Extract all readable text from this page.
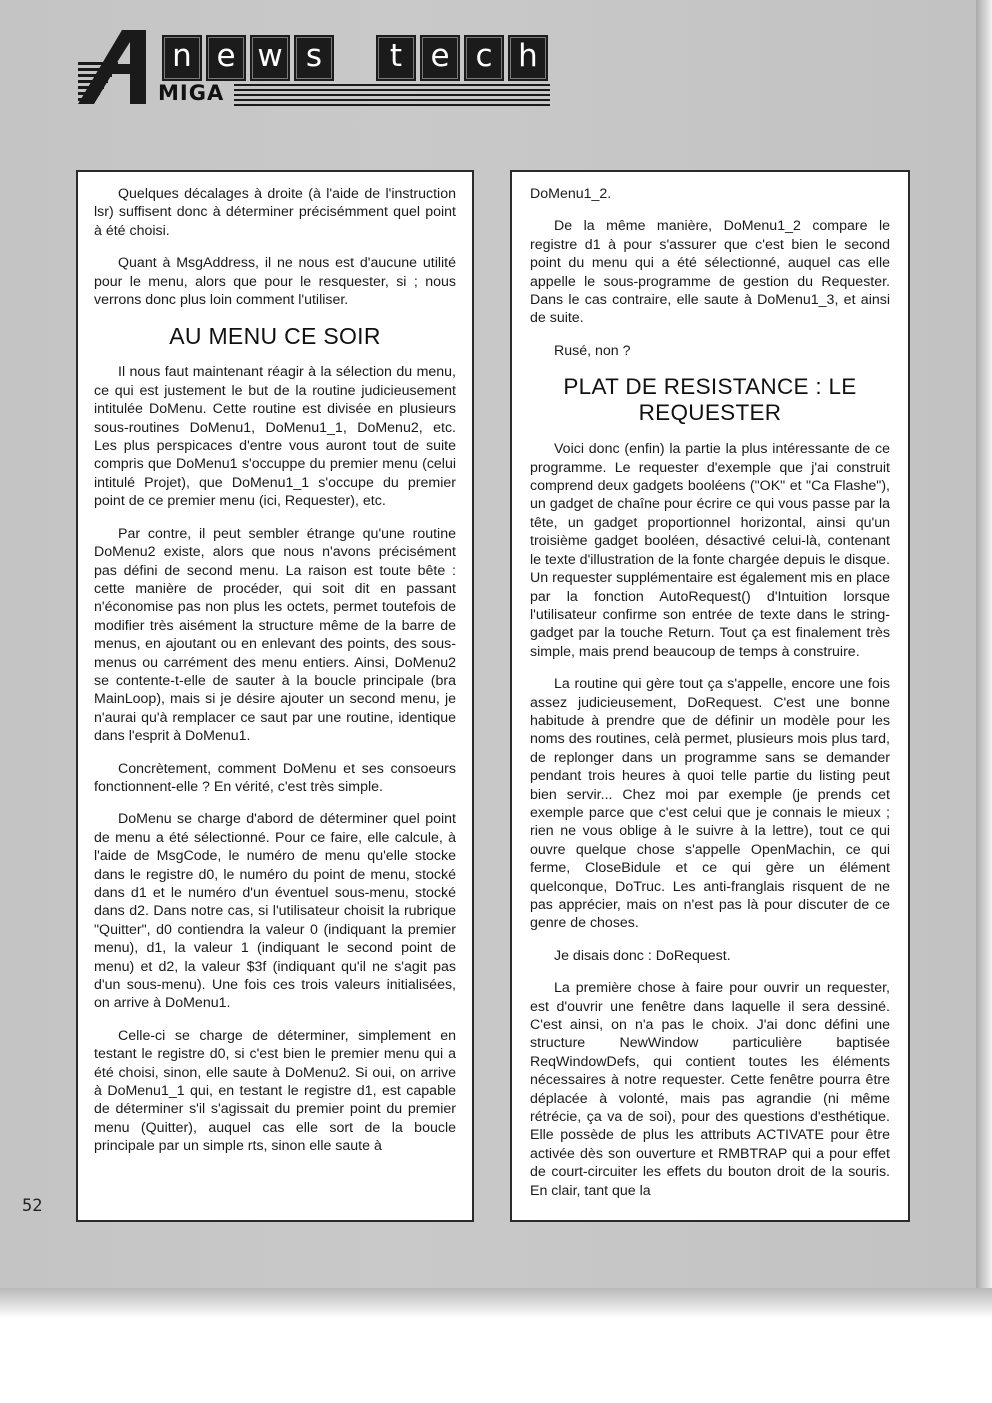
n e w s	t e c h
MIGA

Quelques décalages à droite (à l'aide de l'instruction lsr) suffisent donc à déterminer précisémment quel point à été choisi.

Quant à MsgAddress, il ne nous est d'aucune utilité pour le menu, alors que pour le resquester, si ; nous verrons donc plus loin comment l'utiliser.

AU MENU CE SOIR

Il nous faut maintenant réagir à la sélection du menu, ce qui est justement le but de la routine judicieusement intitulée DoMenu. Cette routine est divisée en plusieurs sous-routines DoMenu1, DoMenu1_1, DoMenu2, etc. Les plus perspicaces d'entre vous auront tout de suite compris que DoMenu1 s'occuppe du premier menu (celui intitulé Projet), que DoMenu1_1 s'occupe du premier point de ce premier menu (ici, Requester), etc.

Par contre, il peut sembler étrange qu'une routine DoMenu2 existe, alors que nous n'avons précisément pas défini de second menu. La raison est toute bête : cette manière de procéder, qui soit dit en passant n'économise pas non plus les octets, permet toutefois de modifier très aisément la structure même de la barre de menus, en ajoutant ou en enlevant des points, des sous-menus ou carrément des menu entiers. Ainsi, DoMenu2 se contente-t-elle de sauter à la boucle principale (bra MainLoop), mais si je désire ajouter un second menu, je n'aurai qu'à remplacer ce saut par une routine, identique dans l'esprit à DoMenu1.

Concrètement, comment DoMenu et ses consoeurs fonctionnent-elle ? En vérité, c'est très simple.

DoMenu se charge d'abord de déterminer quel point de menu a été sélectionné. Pour ce faire, elle calcule, à l'aide de MsgCode, le numéro de menu qu'elle stocke dans le registre d0, le numéro du point de menu, stocké dans d1 et le numéro d'un éventuel sous-menu, stocké dans d2. Dans notre cas, si l'utilisateur choisit la rubrique "Quitter", d0 contiendra la valeur 0 (indiquant la premier menu), d1, la valeur 1 (indiquant le second point de menu) et d2, la valeur $3f (indiquant qu'il ne s'agit pas d'un sous-menu). Une fois ces trois valeurs initialisées, on arrive à DoMenu1.

Celle-ci se charge de déterminer, simplement en testant le registre d0, si c'est bien le premier menu qui a été choisi, sinon, elle saute à DoMenu2. Si oui, on arrive à DoMenu1_1 qui, en testant le registre d1, est capable de déterminer s'il s'agissait du premier point du premier menu (Quitter), auquel cas elle sort de la boucle principale par un simple rts, sinon elle saute à

DoMenu1_2.

De la même manière, DoMenu1_2 compare le registre d1 à pour s'assurer que c'est bien le second point du menu qui a été sélectionné, auquel cas elle appelle le sous-programme de gestion du Requester. Dans le cas contraire, elle saute à DoMenu1_3, et ainsi de suite.

Rusé, non ?

PLAT DE RESISTANCE : LE REQUESTER

Voici donc (enfin) la partie la plus intéressante de ce programme. Le requester d'exemple que j'ai construit comprend deux gadgets booléens ("OK" et "Ca Flashe"), un gadget de chaîne pour écrire ce qui vous passe par la tête, un gadget proportionnel horizontal, ainsi qu'un troisième gadget booléen, désactivé celui-là, contenant le texte d'illustration de la fonte chargée depuis le disque. Un requester supplémentaire est également mis en place par la fonction AutoRequest() d'Intuition lorsque l'utilisateur confirme son entrée de texte dans le string-gadget par la touche Return. Tout ça est finalement très simple, mais prend beaucoup de temps à construire.

La routine qui gère tout ça s'appelle, encore une fois assez judicieusement, DoRequest. C'est une bonne habitude à prendre que de définir un modèle pour les noms des routines, celà permet, plusieurs mois plus tard, de replonger dans un programme sans se demander pendant trois heures à quoi telle partie du listing peut bien servir... Chez moi par exemple (je prends cet exemple parce que c'est celui que je connais le mieux ; rien ne vous oblige à le suivre à la lettre), tout ce qui ouvre quelque chose s'appelle OpenMachin, ce qui ferme, CloseBidule et ce qui gère un élément quelconque, DoTruc. Les anti-franglais risquent de ne pas apprécier, mais on n'est pas là pour discuter de ce genre de choses.

Je disais donc : DoRequest.

La première chose à faire pour ouvrir un requester, est d'ouvrir une fenêtre dans laquelle il sera dessiné. C'est ainsi, on n'a pas le choix. J'ai donc défini une structure NewWindow particulière baptisée ReqWindowDefs, qui contient toutes les éléments nécessaires à notre requester. Cette fenêtre pourra être déplacée à volonté, mais pas agrandie (ni même rétrécie, ça va de soi), pour des questions d'esthétique. Elle possède de plus les attributs ACTIVATE pour être activée dès son ouverture et RMBTRAP qui a pour effet de court-circuiter les effets du bouton droit de la souris. En clair, tant que la

52
